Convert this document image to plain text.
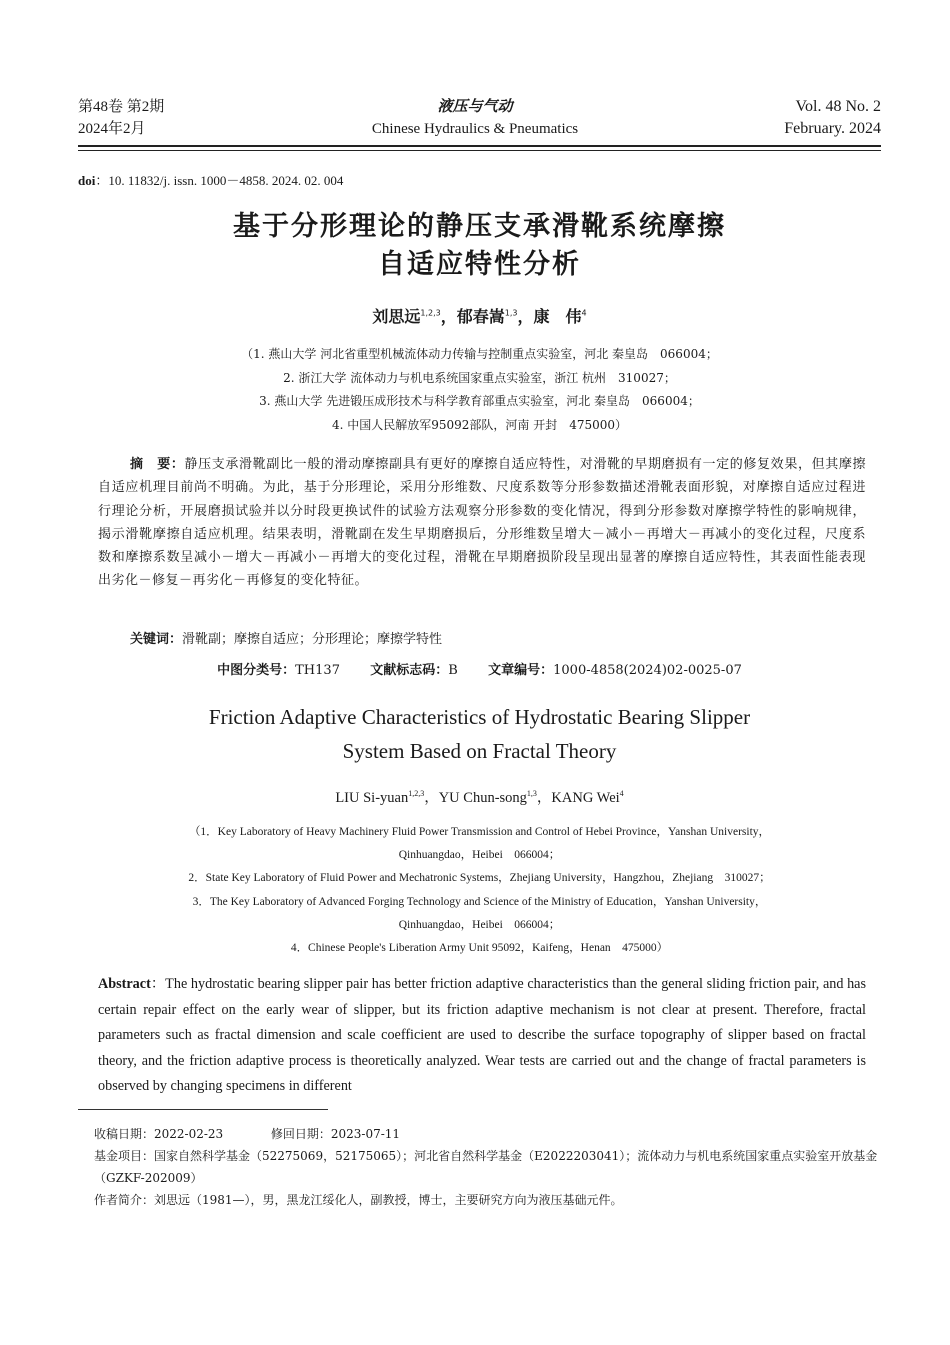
第48卷 第2期
2024年2月
液压与气动
Chinese Hydraulics & Pneumatics
Vol. 48 No. 2
February. 2024
doi：10. 11832/j. issn. 1000－4858. 2024. 02. 004
基于分形理论的静压支承滑靴系统摩擦
自适应特性分析
刘思远$^{1,2,3}$，郁春嵩$^{1,3}$，康　伟$^4$
（1. 燕山大学 河北省重型机械流体动力传输与控制重点实验室，河北 秦皇岛　066004；
2. 浙江大学 流体动力与机电系统国家重点实验室，浙江 杭州　310027；
3. 燕山大学 先进锻压成形技术与科学教育部重点实验室，河北 秦皇岛　066004；
4. 中国人民解放军95092部队，河南 开封　475000）
摘　要：静压支承滑靴副比一般的滑动摩擦副具有更好的摩擦自适应特性，对滑靴的早期磨损有一定的修复效果，但其摩擦自适应机理目前尚不明确。为此，基于分形理论，采用分形维数、尺度系数等分形参数描述滑靴表面形貌，对摩擦自适应过程进行理论分析，开展磨损试验并以分时段更换试件的试验方法观察分形参数的变化情况，得到分形参数对摩擦学特性的影响规律，揭示滑靴摩擦自适应机理。结果表明，滑靴副在发生早期磨损后，分形维数呈增大－减小－再增大－再减小的变化过程，尺度系数和摩擦系数呈减小－增大－再减小－再增大的变化过程，滑靴在早期磨损阶段呈现出显著的摩擦自适应特性，其表面性能表现出劣化－修复－再劣化－再修复的变化特征。
关键词：滑靴副；摩擦自适应；分形理论；摩擦学特性
中图分类号：TH137 文献标志码：B 文章编号：1000-4858(2024)02-0025-07
Friction Adaptive Characteristics of Hydrostatic Bearing Slipper
System Based on Fractal Theory
LIU Si-yuan$^{1,2,3}$，YU Chun-song$^{1,3}$，KANG Wei$^4$
（1．Key Laboratory of Heavy Machinery Fluid Power Transmission and Control of Hebei Province，Yanshan University，
Qinhuangdao，Heibei　066004；
2．State Key Laboratory of Fluid Power and Mechatronic Systems，Zhejiang University，Hangzhou，Zhejiang　310027；
3．The Key Laboratory of Advanced Forging Technology and Science of the Ministry of Education，Yanshan University，
Qinhuangdao，Heibei　066004；
4．Chinese People's Liberation Army Unit 95092，Kaifeng，Henan　475000）
Abstract：The hydrostatic bearing slipper pair has better friction adaptive characteristics than the general sliding friction pair, and has certain repair effect on the early wear of slipper, but its friction adaptive mechanism is not clear at present. Therefore, fractal parameters such as fractal dimension and scale coefficient are used to describe the surface topography of slipper based on fractal theory, and the friction adaptive process is theoretically analyzed. Wear tests are carried out and the change of fractal parameters is observed by changing specimens in different
收稿日期：2022-02-23	修回日期：2023-07-11
基金项目：国家自然科学基金（52275069，52175065）；河北省自然科学基金（E2022203041）；流体动力与机电系统国家重点实验室开放基金（GZKF-202009）
作者简介：刘思远（1981—），男，黑龙江绥化人，副教授，博士，主要研究方向为液压基础元件。
